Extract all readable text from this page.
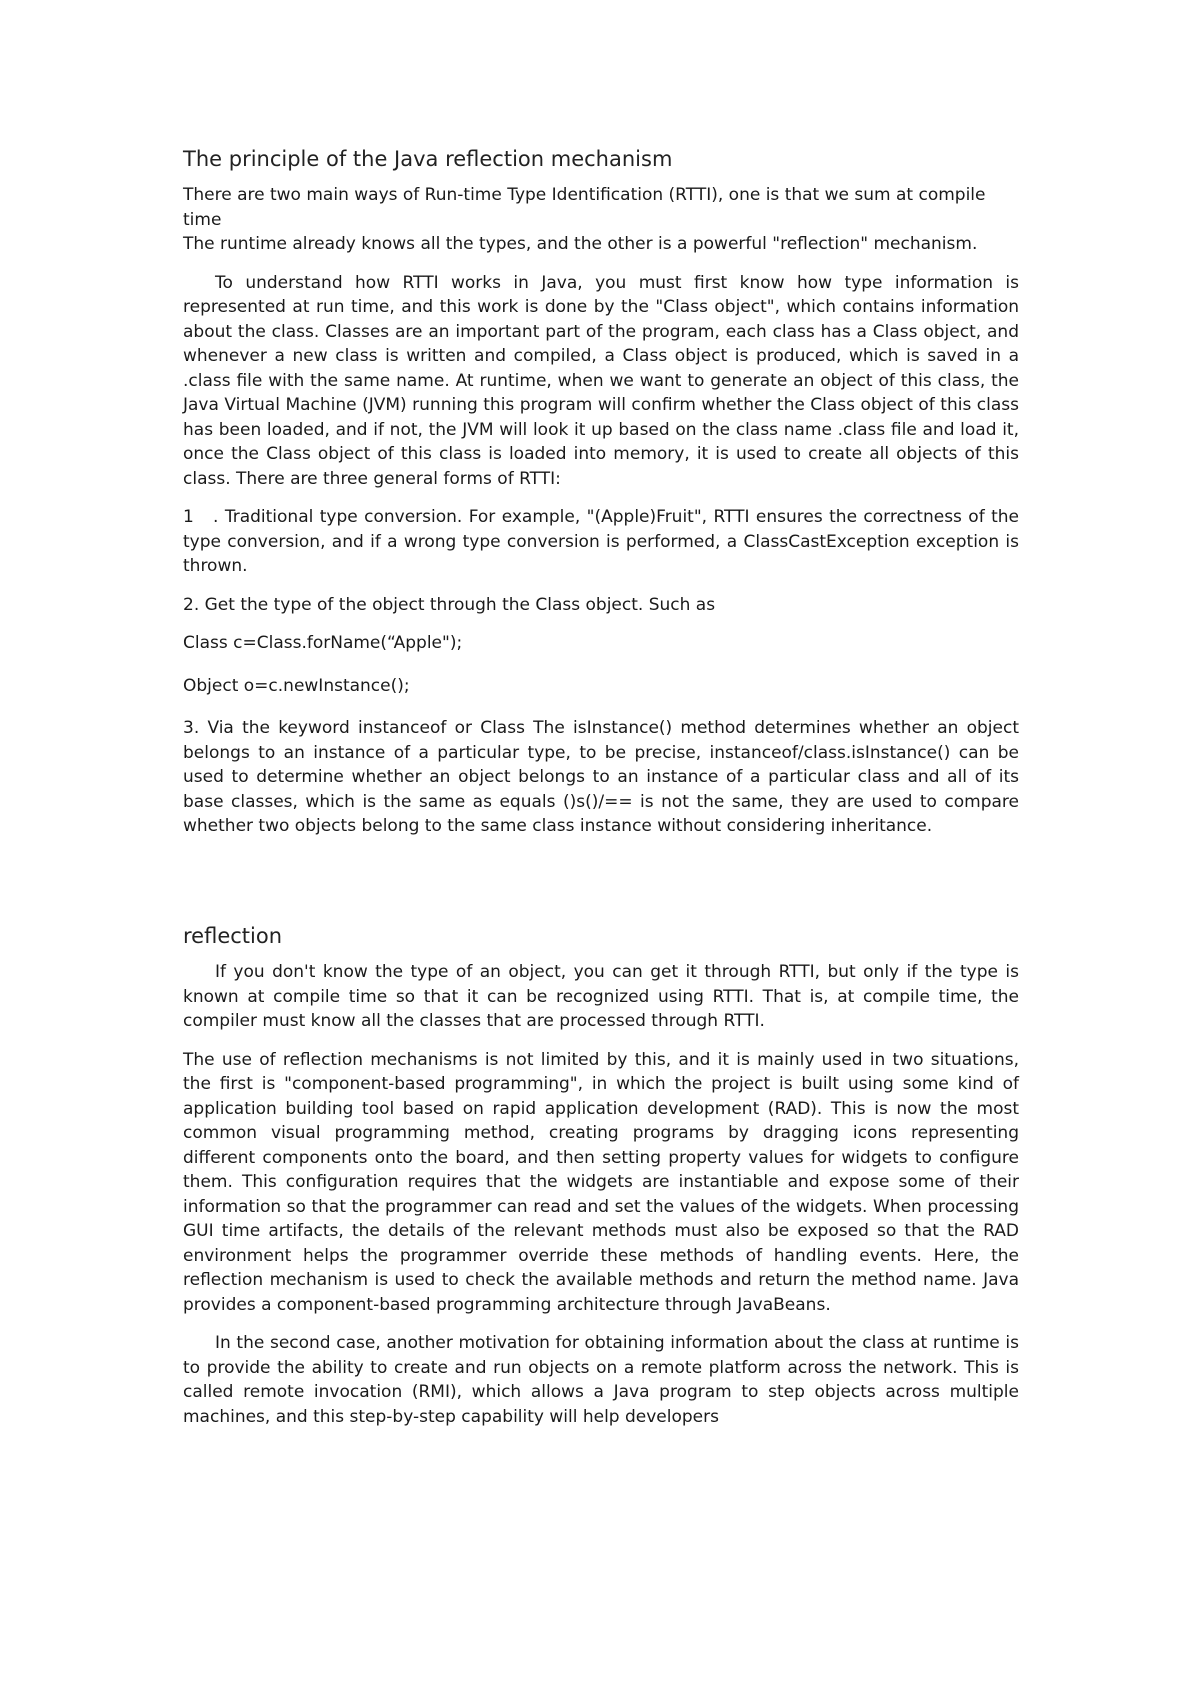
The principle of the Java reflection mechanism

There are two main ways of Run-time Type Identification (RTTI), one is that we sum at compile time

The runtime already knows all the types, and the other is a powerful "reflection" mechanism.

To understand how RTTI works in Java, you must first know how type information is represented at run time, and this work is done by the "Class object", which contains information about the class. Classes are an important part of the program, each class has a Class object, and whenever a new class is written and compiled, a Class object is produced, which is saved in a .class file with the same name. At runtime, when we want to generate an object of this class, the Java Virtual Machine (JVM) running this program will confirm whether the Class object of this class has been loaded, and if not, the JVM will look it up based on the class name .class file and load it, once the Class object of this class is loaded into memory, it is used to create all objects of this class. There are three general forms of RTTI:

1   . Traditional type conversion. For example, "(Apple)Fruit", RTTI ensures the correctness of the type conversion, and if a wrong type conversion is performed, a ClassCastException exception is thrown.

2. Get the type of the object through the Class object. Such as

Class c=Class.forName(“Apple");

Object o=c.newInstance();

3. Via the keyword instanceof or Class The isInstance() method determines whether an object belongs to an instance of a particular type, to be precise, instanceof/class.isInstance() can be used to determine whether an object belongs to an instance of a particular class and all of its base classes, which is the same as equals ()s()/== is not the same, they are used to compare whether two objects belong to the same class instance without considering inheritance.

reflection

If you don't know the type of an object, you can get it through RTTI, but only if the type is known at compile time so that it can be recognized using RTTI. That is, at compile time, the compiler must know all the classes that are processed through RTTI.

The use of reflection mechanisms is not limited by this, and it is mainly used in two situations, the first is "component-based programming", in which the project is built using some kind of application building tool based on rapid application development (RAD). This is now the most common visual programming method, creating programs by dragging icons representing different components onto the board, and then setting property values for widgets to configure them. This configuration requires that the widgets are instantiable and expose some of their information so that the programmer can read and set the values of the widgets. When processing GUI time artifacts, the details of the relevant methods must also be exposed so that the RAD environment helps the programmer override these methods of handling events. Here, the reflection mechanism is used to check the available methods and return the method name. Java provides a component-based programming architecture through JavaBeans.

In the second case, another motivation for obtaining information about the class at runtime is to provide the ability to create and run objects on a remote platform across the network. This is called remote invocation (RMI), which allows a Java program to step objects across multiple machines, and this step-by-step capability will help developers
